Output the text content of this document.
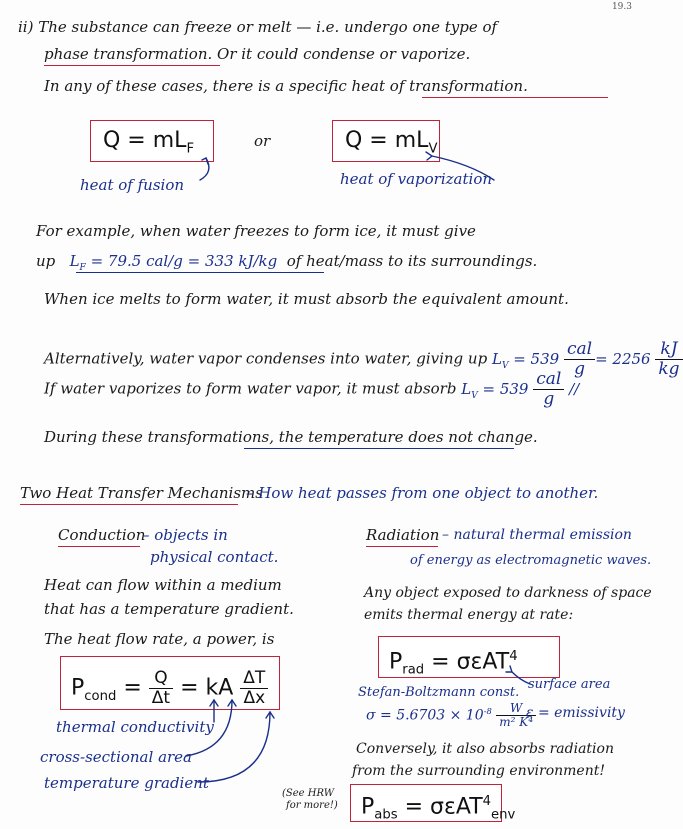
19.3
ii) The substance can freeze or melt — i.e. undergo one type of
phase transformation. Or it could condense or vaporize.
In any of these cases, there is a specific heat of transformation.
$Q = mL_F$	or	$Q = mL_V$
heat of fusion	heat of vaporization
For example, when water freezes to form ice, it must give
up $L_F = 79.5$ cal/g = 333 kJ/kg of heat/mass to its surroundings.
When ice melts to form water, it must absorb the equivalent amount.
Alternatively, water vapor condenses into water, giving up $L_V = 539 \frac{\text{cal}}{g} = 2256 \frac{kJ}{kg}$
If water vaporizes to form water vapor, it must absorb $L_V = 539 \frac{\text{cal}}{g}$ //
During these transformations, the temperature does not change.
Two Heat Transfer Mechanisms
– How heat passes from one object to another.
Conduction
– objects in
physical contact.
Heat can flow within a medium
that has a temperature gradient.
The heat flow rate, a power, is
$P_{cond} = \frac{Q}{\Delta t}$ = kA $\frac{\Delta T}{\Delta x}$
thermal conductivity
cross-sectional area
temperature gradient
(See HRW
for more!)
Radiation – natural thermal emission
of energy as electromagnetic waves.
Any object exposed to darkness of space
emits thermal energy at rate:
$P_{rad} = \sigma\varepsilon AT^4$
surface area
Stefan-Boltzmann const.
$\sigma = 5.6703 \times 10^{-8} \frac{W}{\text{m² K⁴}}$
ε = emissivity
Conversely, it also absorbs radiation
from the surrounding environment!
$P_{abs} = \sigma\varepsilon AT^4_{env}$
